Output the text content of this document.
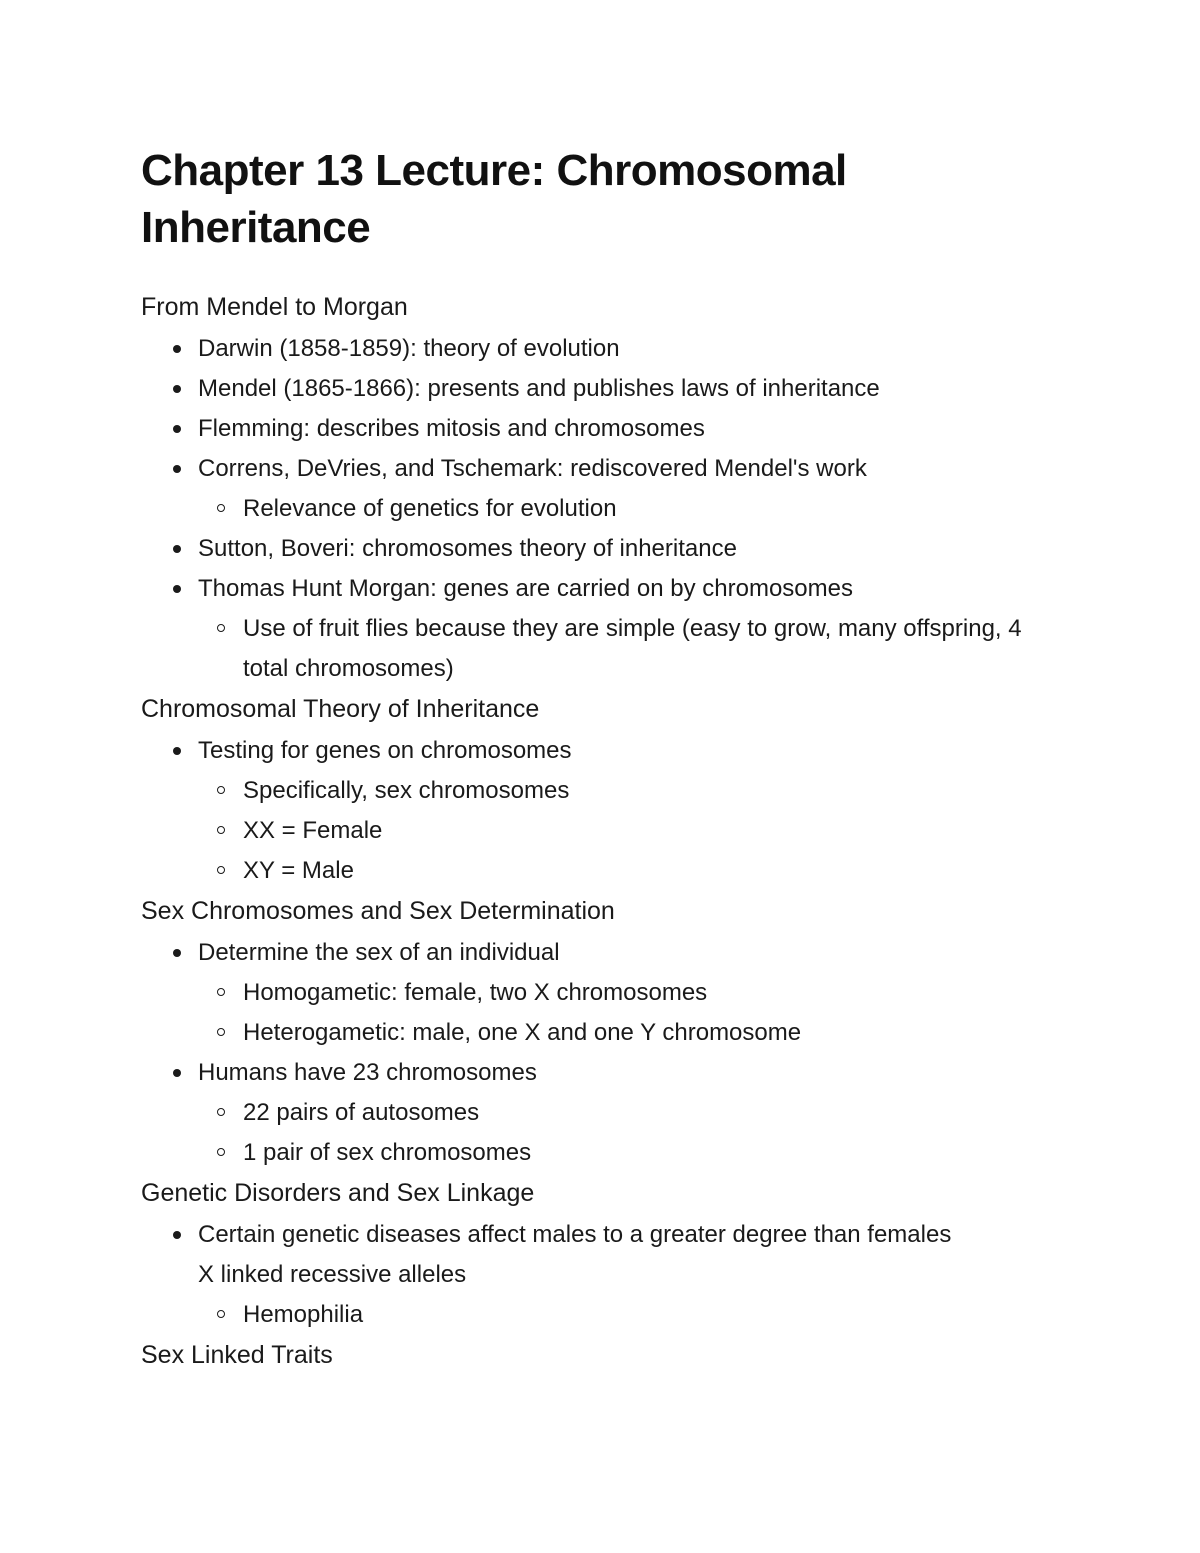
Chapter 13 Lecture: Chromosomal Inheritance
From Mendel to Morgan
Darwin (1858-1859): theory of evolution
Mendel (1865-1866): presents and publishes laws of inheritance
Flemming: describes mitosis and chromosomes
Correns, DeVries, and Tschemark: rediscovered Mendel's work
Relevance of genetics for evolution
Sutton, Boveri: chromosomes theory of inheritance
Thomas Hunt Morgan: genes are carried on by chromosomes
Use of fruit flies because they are simple (easy to grow, many offspring, 4 total chromosomes)
Chromosomal Theory of Inheritance
Testing for genes on chromosomes
Specifically, sex chromosomes
XX = Female
XY = Male
Sex Chromosomes and Sex Determination
Determine the sex of an individual
Homogametic: female, two X chromosomes
Heterogametic: male, one X and one Y chromosome
Humans have 23 chromosomes
22 pairs of autosomes
1 pair of sex chromosomes
Genetic Disorders and Sex Linkage
Certain genetic diseases affect males to a greater degree than females
X linked recessive alleles
Hemophilia
Sex Linked Traits
